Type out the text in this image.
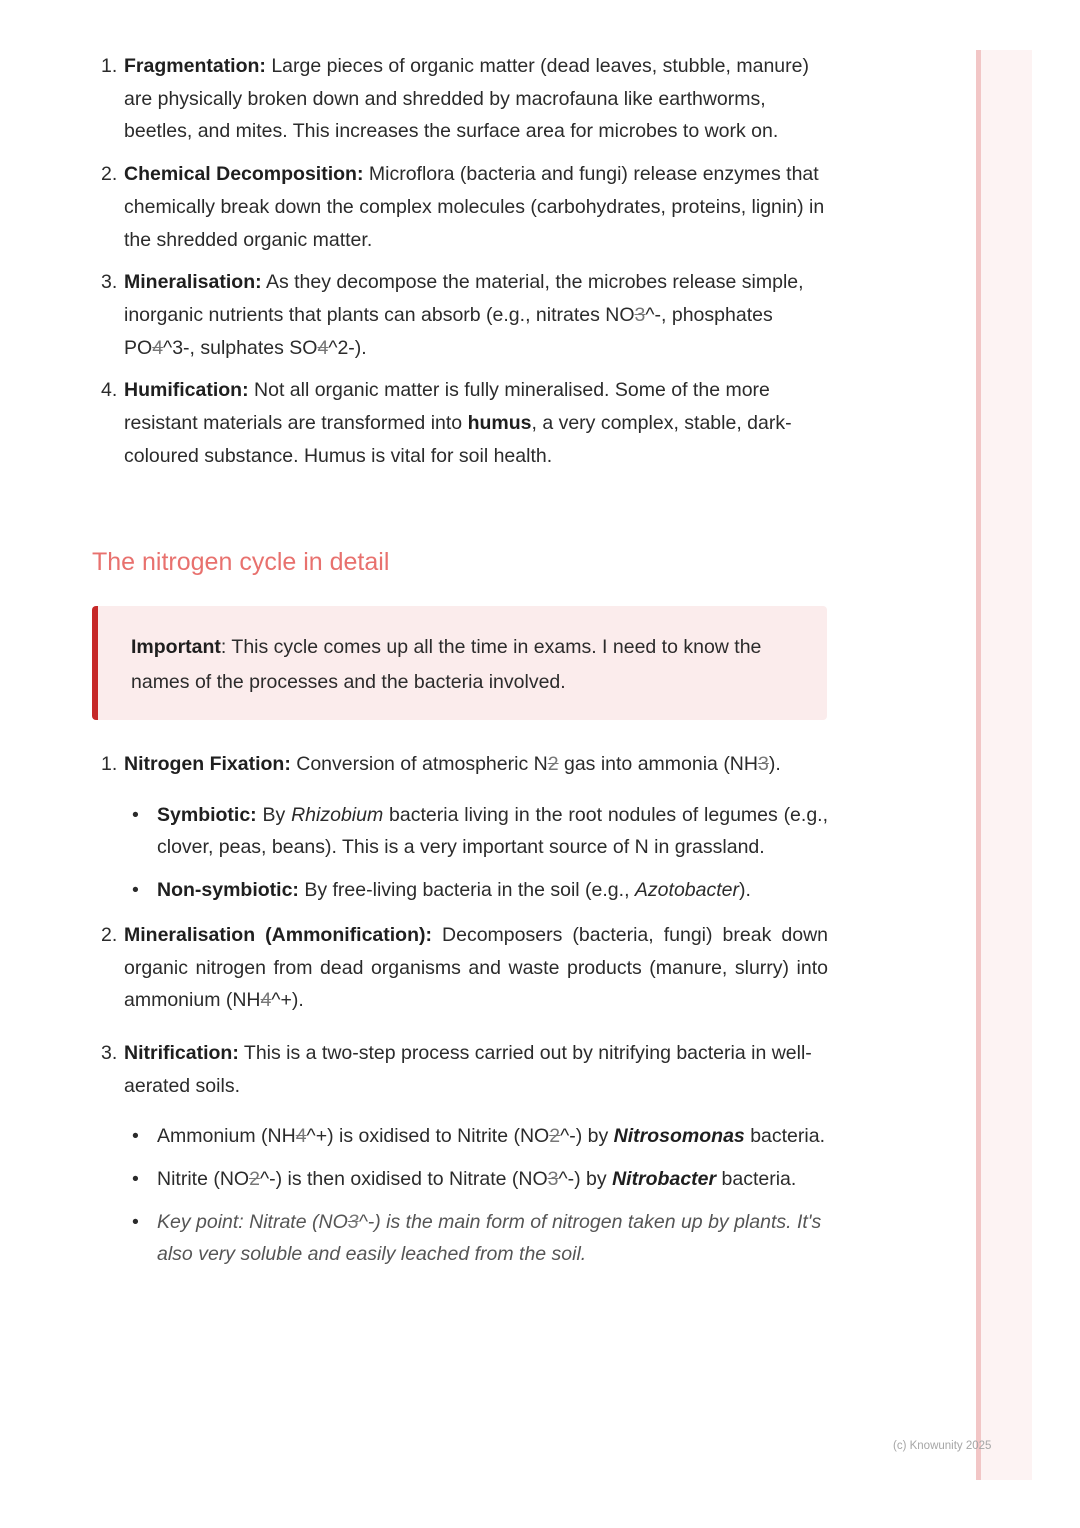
1. Fragmentation: Large pieces of organic matter (dead leaves, stubble, manure) are physically broken down and shredded by macrofauna like earthworms, beetles, and mites. This increases the surface area for microbes to work on.
2. Chemical Decomposition: Microflora (bacteria and fungi) release enzymes that chemically break down the complex molecules (carbohydrates, proteins, lignin) in the shredded organic matter.
3. Mineralisation: As they decompose the material, the microbes release simple, inorganic nutrients that plants can absorb (e.g., nitrates NO3^-, phosphates PO4^3-, sulphates SO4^2-).
4. Humification: Not all organic matter is fully mineralised. Some of the more resistant materials are transformed into humus, a very complex, stable, dark-coloured substance. Humus is vital for soil health.
The nitrogen cycle in detail
Important: This cycle comes up all the time in exams. I need to know the names of the processes and the bacteria involved.
1. Nitrogen Fixation: Conversion of atmospheric N2 gas into ammonia (NH3).
• Symbiotic: By Rhizobium bacteria living in the root nodules of legumes (e.g., clover, peas, beans). This is a very important source of N in grassland.
• Non-symbiotic: By free-living bacteria in the soil (e.g., Azotobacter).
2. Mineralisation (Ammonification): Decomposers (bacteria, fungi) break down organic nitrogen from dead organisms and waste products (manure, slurry) into ammonium (NH4^+).
3. Nitrification: This is a two-step process carried out by nitrifying bacteria in well-aerated soils.
• Ammonium (NH4^+) is oxidised to Nitrite (NO2^-) by Nitrosomonas bacteria.
• Nitrite (NO2^-) is then oxidised to Nitrate (NO3^-) by Nitrobacter bacteria.
• Key point: Nitrate (NO3^-) is the main form of nitrogen taken up by plants. It's also very soluble and easily leached from the soil.
(c) Knowunity 2025
